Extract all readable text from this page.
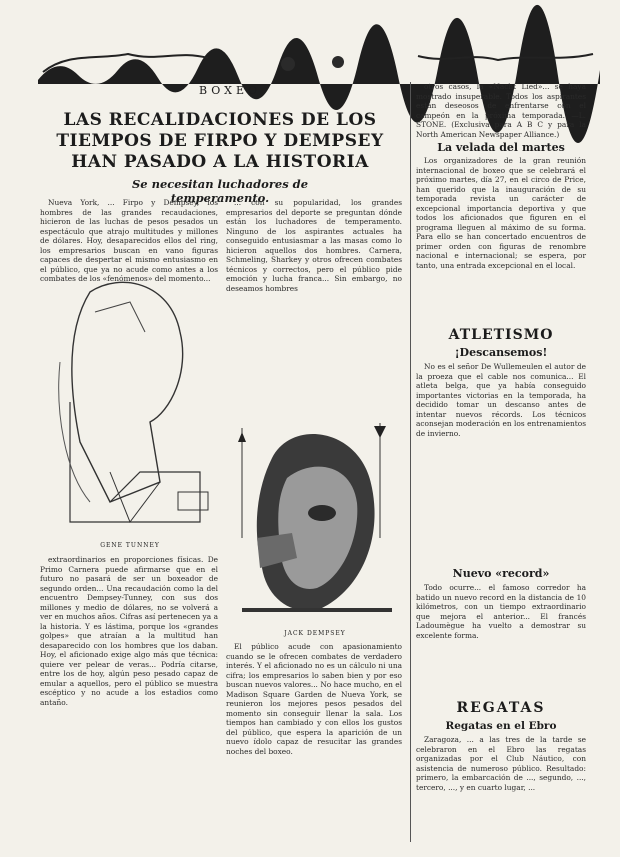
BOXEO
LAS RECALIDACIONES DE LOS TIEMPOS DE FIRPO Y DEMPSEY HAN PASADO A LA HISTORIA
Se necesitan luchadores de temperamento.

Nueva York, ... Firpo y Dempsey, los hombres de las grandes recaudaciones, hicieron de las luchas de pesos pesados un espectáculo que atrajo multitudes y millones de dólares. Hoy, desaparecidos ellos del ring, los empresarios buscan en vano figuras capaces de despertar el mismo entusiasmo en el público, que ya no acude como antes a los combates de los «fenómenos» del momento...

GENE TUNNEY

extraordinarios en proporciones físicas. De Primo Carnera puede afirmarse que en el futuro no pasará de ser un boxeador de segundo orden... Una recaudación como la del encuentro Dempsey-Tunney, con sus dos millones y medio de dólares, no se volverá a ver en muchos años. Cifras así pertenecen ya a la historia. Y es lástima, porque los «grandes golpes» que atraían a la multitud han desaparecido con los hombres que los daban. Hoy, el aficionado exige algo más que técnica: quiere ver pelear de veras... Podría citarse, entre los de hoy, algún peso pesado capaz de emular a aquellos, pero el público se muestra escéptico y no acude a los estadios como antaño.

... con su popularidad, los grandes empresarios del deporte se preguntan dónde están los luchadores de temperamento. Ninguno de los aspirantes actuales ha conseguido entusiasmar a las masas como lo hicieron aquellos dos hombres. Carnera, Schmeling, Sharkey y otros ofrecen combates técnicos y correctos, pero el público pide emoción y lucha franca... Sin embargo, no deseamos hombres

JACK DEMPSEY

El público acude con apasionamiento cuando se le ofrecen combates de verdadero interés. Y el aficionado no es un cálculo ni una cifra; los empresarios lo saben bien y por eso buscan nuevos valores... No hace mucho, en el Madison Square Garden de Nueva York, se reunieron los mejores pesos pesados del momento sin conseguir llenar la sala. Los tiempos han cambiado y con ellos los gustos del público, que espera la aparición de un nuevo ídolo capaz de resucitar las grandes noches del boxeo.

otros casos, la «Nacht Lied»... se haya mostrado insuperable. Todos los aspirantes están deseosos de enfrentarse con el campeón en la próxima temporada. —L. STONE. (Exclusiva para A B C y para la North American Newspaper Alliance.)

La velada del martes

Los organizadores de la gran reunión internacional de boxeo que se celebrará el próximo martes, día 27, en el circo de Price, han querido que la inauguración de su temporada revista un carácter de excepcional importancia deportiva y que todos los aficionados que figuren en el programa lleguen al máximo de su forma. Para ello se han concertado encuentros de primer orden con figuras de renombre nacional e internacional; se espera, por tanto, una entrada excepcional en el local.

ATLETISMO
¡Descansemos!

No es el señor De Wullemeulen el autor de la proeza que el cable nos comunica... El atleta belga, que ya había conseguido importantes victorias en la temporada, ha decidido tomar un descanso antes de intentar nuevos récords. Los técnicos aconsejan moderación en los entrenamientos de invierno.

Nuevo «record»

Todo ocurre... el famoso corredor ha batido un nuevo record en la distancia de 10 kilómetros, con un tiempo extraordinario que mejora el anterior... El francés Ladoumègue ha vuelto a demostrar su excelente forma.

REGATAS
Regatas en el Ebro

Zaragoza, ... a las tres de la tarde se celebraron en el Ebro las regatas organizadas por el Club Náutico, con asistencia de numeroso público. Resultado: primero, la embarcación de ..., segundo, ..., tercero, ..., y en cuarto lugar, ...
